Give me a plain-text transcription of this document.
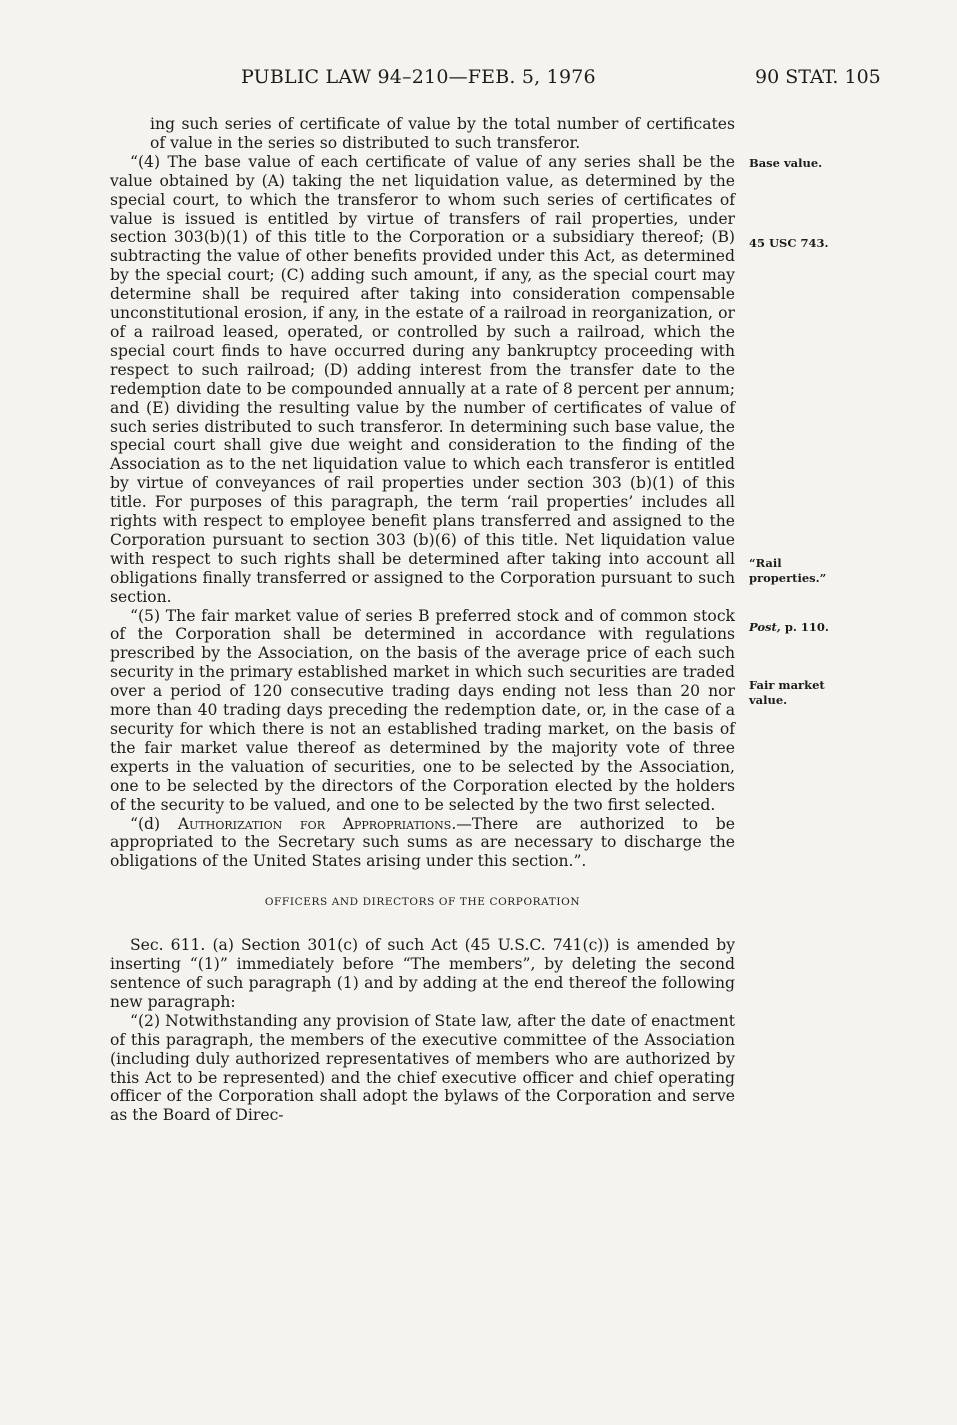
PUBLIC LAW 94–210—FEB. 5, 1976	90 STAT. 105

ing such series of certificate of value by the total number of certificates of value in the series so distributed to such transferor.

“(4) The base value of each certificate of value of any series shall be the value obtained by (A) taking the net liquidation value, as determined by the special court, to which the transferor to whom such series of certificates of value is issued is entitled by virtue of transfers of rail properties, under section 303(b)(1) of this title to the Corporation or a subsidiary thereof; (B) subtracting the value of other benefits provided under this Act, as determined by the special court; (C) adding such amount, if any, as the special court may determine shall be required after taking into consideration compensable unconstitutional erosion, if any, in the estate of a railroad in reorganization, or of a railroad leased, operated, or controlled by such a railroad, which the special court finds to have occurred during any bankruptcy proceeding with respect to such railroad; (D) adding interest from the transfer date to the redemption date to be compounded annually at a rate of 8 percent per annum; and (E) dividing the resulting value by the number of certificates of value of such series distributed to such transferor. In determining such base value, the special court shall give due weight and consideration to the finding of the Association as to the net liquidation value to which each transferor is entitled by virtue of conveyances of rail properties under section 303 (b)(1) of this title. For purposes of this paragraph, the term ‘rail properties’ includes all rights with respect to employee benefit plans transferred and assigned to the Corporation pursuant to section 303 (b)(6) of this title. Net liquidation value with respect to such rights shall be determined after taking into account all obligations finally transferred or assigned to the Corporation pursuant to such section.

“(5) The fair market value of series B preferred stock and of common stock of the Corporation shall be determined in accordance with regulations prescribed by the Association, on the basis of the average price of each such security in the primary established market in which such securities are traded over a period of 120 consecutive trading days ending not less than 20 nor more than 40 trading days preceding the redemption date, or, in the case of a security for which there is not an established trading market, on the basis of the fair market value thereof as determined by the majority vote of three experts in the valuation of securities, one to be selected by the Association, one to be selected by the directors of the Corporation elected by the holders of the security to be valued, and one to be selected by the two first selected.

“(d) Authorization for Appropriations.—There are authorized to be appropriated to the Secretary such sums as are necessary to discharge the obligations of the United States arising under this section.”.

OFFICERS AND DIRECTORS OF THE CORPORATION

Sec. 611. (a) Section 301(c) of such Act (45 U.S.C. 741(c)) is amended by inserting “(1)” immediately before “The members”, by deleting the second sentence of such paragraph (1) and by adding at the end thereof the following new paragraph:

“(2) Notwithstanding any provision of State law, after the date of enactment of this paragraph, the members of the executive committee of the Association (including duly authorized representatives of members who are authorized by this Act to be represented) and the chief executive officer and chief operating officer of the Corporation shall adopt the bylaws of the Corporation and serve as the Board of Direc-

Base value.
45 USC 743.
“Rail properties.”
Post, p. 110.
Fair market value.
